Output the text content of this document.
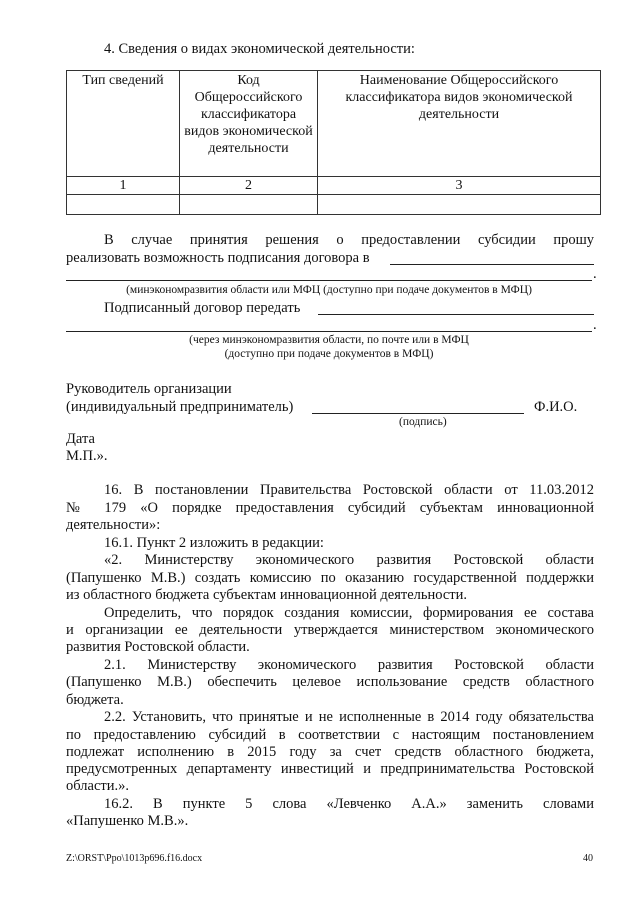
4. Сведения о видах экономической деятельности:
Тип сведений	Код Общероссийского классификатора видов экономической деятельности	Наименование Общероссийского классификатора видов экономической деятельности
1	2	3

В случае принятия решения о предоставлении субсидии прошу
реализовать возможность подписания договора в
.
(минэкономразвития области или МФЦ (доступно при подаче документов в МФЦ)
Подписанный договор передать
.
(через минэкономразвития области, по почте или в МФЦ
(доступно при подаче документов в МФЦ)
Руководитель организации
(индивидуальный предприниматель)	Ф.И.О.
(подпись)
Дата
М.П.».
16. В постановлении Правительства Ростовской области от 11.03.2012
№ 179 «О порядке предоставления субсидий субъектам инновационной
деятельности»:
16.1. Пункт 2 изложить в редакции:
«2. Министерству экономического развития Ростовской области
(Папушенко М.В.) создать комиссию по оказанию государственной поддержки
из областного бюджета субъектам инновационной деятельности.
Определить, что порядок создания комиссии, формирования ее состава
и организации ее деятельности утверждается министерством экономического
развития Ростовской области.
2.1. Министерству экономического развития Ростовской области
(Папушенко М.В.) обеспечить целевое использование средств областного
бюджета.
2.2. Установить, что принятые и не исполненные в 2014 году обязательства
по предоставлению субсидий в соответствии с настоящим постановлением
подлежат исполнению в 2015 году за счет средств областного бюджета,
предусмотренных департаменту инвестиций и предпринимательства Ростовской
области.».
16.2. В пункте 5 слова «Левченко А.А.» заменить словами
«Папушенко М.В.».
Z:\ORST\Ppo\1013p696.f16.docx	40
